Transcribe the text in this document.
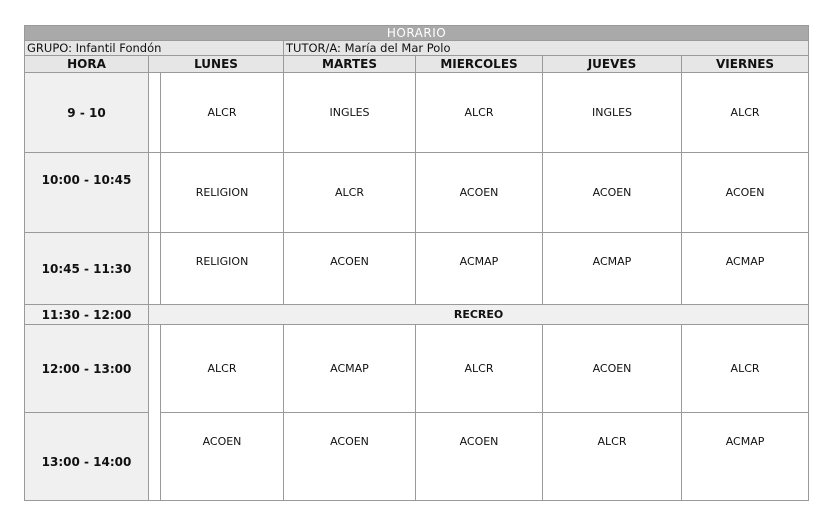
HORARIO						
GRUPO: Infantil Fondón			TUTOR/A: María del Mar Polo			
HORA	LUNES		MARTES	MIERCOLES	JUEVES	VIERNES
9 - 10		ALCR	INGLES	ALCR	INGLES	ALCR
10:00 - 10:45		RELIGION	ALCR	ACOEN	ACOEN	ACOEN
10:45 - 11:30		RELIGION	ACOEN	ACMAP	ACMAP	ACMAP
11:30 - 12:00	RECREO					
12:00 - 13:00		ALCR	ACMAP	ALCR	ACOEN	ALCR
13:00 - 14:00		ACOEN	ACOEN	ACOEN	ALCR	ACMAP
